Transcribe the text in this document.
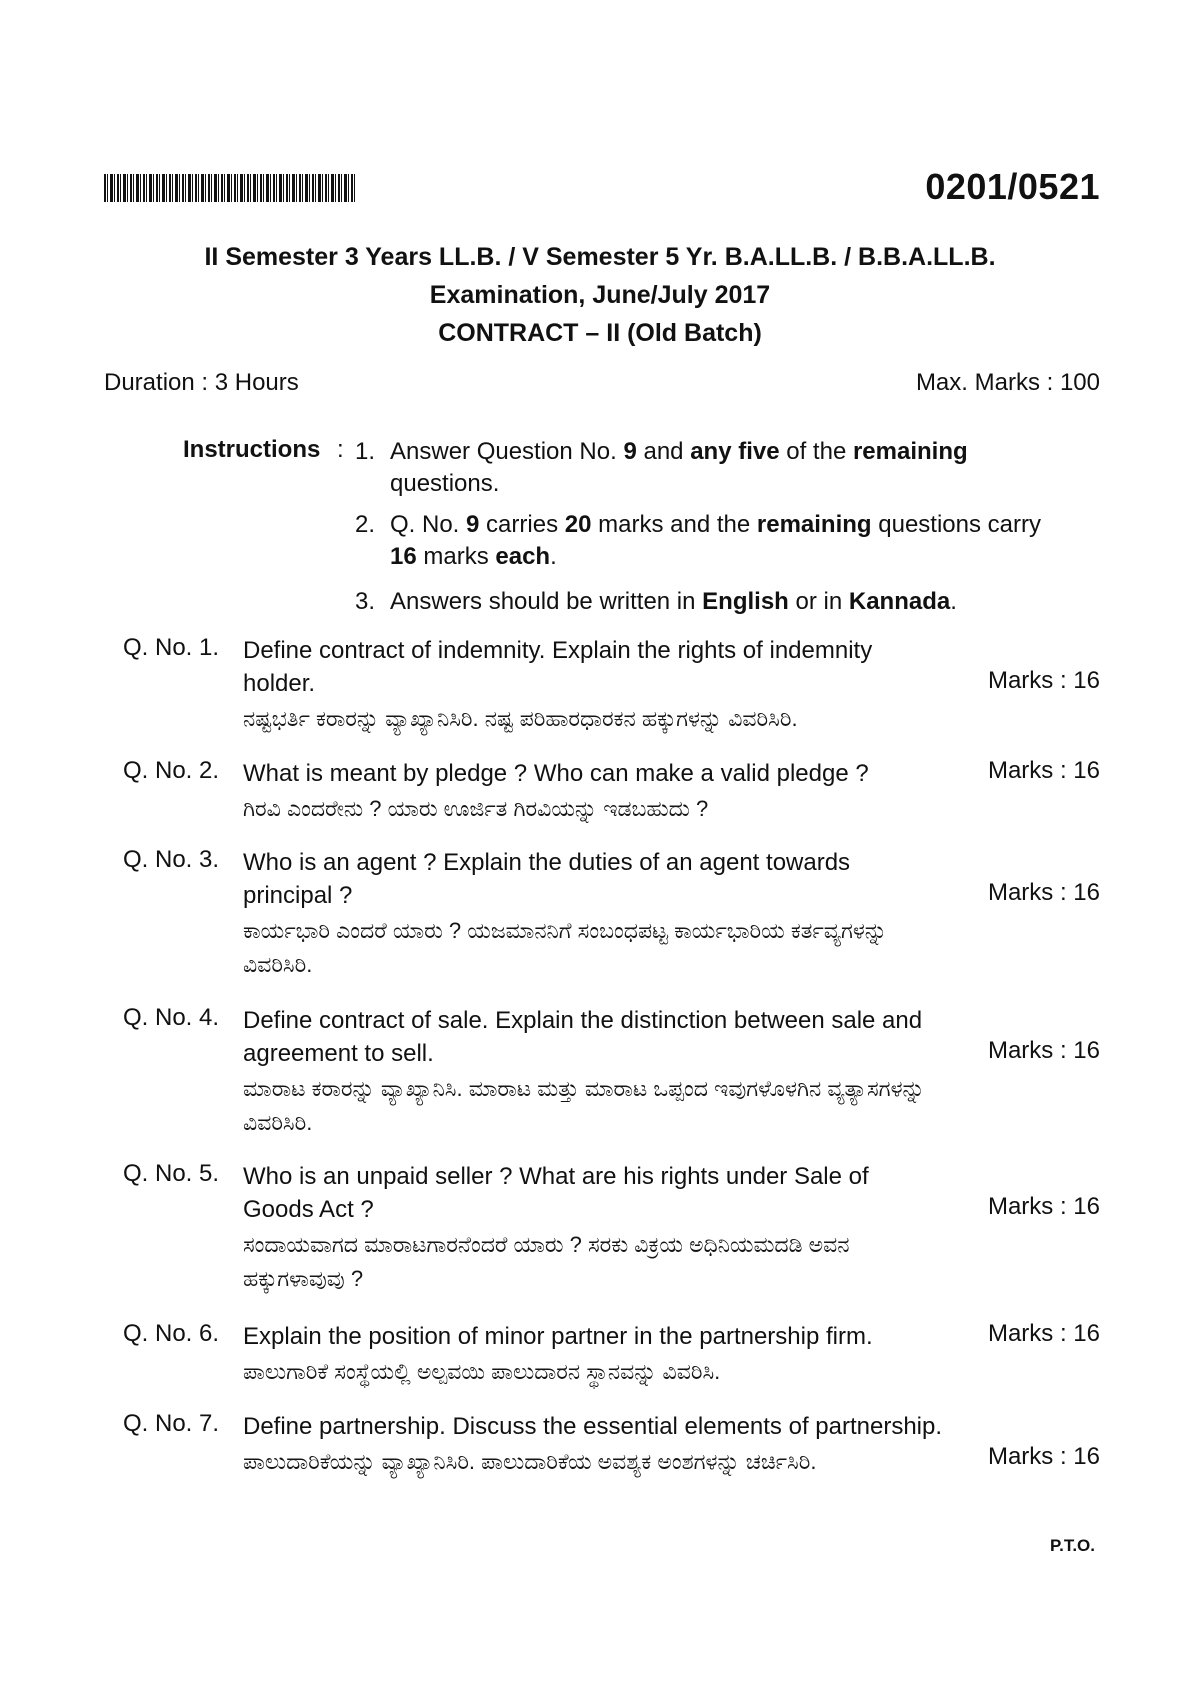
0201/0521
II Semester 3 Years LL.B. / V Semester 5 Yr. B.A.LL.B. / B.B.A.LL.B.
Examination, June/July 2017
CONTRACT – II (Old Batch)
Duration : 3 Hours	Max. Marks : 100
Instructions : 1. Answer Question No. 9 and any five of the remaining questions.
2. Q. No. 9 carries 20 marks and the remaining questions carry 16 marks each.
3. Answers should be written in English or in Kannada.
Q. No. 1. Define contract of indemnity. Explain the rights of indemnity holder.
ನಷ್ಟಭರ್ತಿ ಕರಾರನ್ನು ವ್ಯಾಖ್ಯಾನಿಸಿರಿ. ನಷ್ಟ ಪರಿಹಾರಧಾರಕನ ಹಕ್ಕುಗಳನ್ನು ವಿವರಿಸಿರಿ.
Marks : 16
Q. No. 2. What is meant by pledge ? Who can make a valid pledge ?
ಗಿರವಿ ಎಂದರೇನು ? ಯಾರು ಊರ್ಜಿತ ಗಿರವಿಯನ್ನು ಇಡಬಹುದು ?
Marks : 16
Q. No. 3. Who is an agent ? Explain the duties of an agent towards principal ?
ಕಾರ್ಯಭಾರಿ ಎಂದರೆ ಯಾರು ? ಯಜಮಾನನಿಗೆ ಸಂಬಂಧಪಟ್ಟ ಕಾರ್ಯಭಾರಿಯ ಕರ್ತವ್ಯಗಳನ್ನು ವಿವರಿಸಿರಿ.
Marks : 16
Q. No. 4. Define contract of sale. Explain the distinction between sale and agreement to sell.
ಮಾರಾಟ ಕರಾರನ್ನು ವ್ಯಾಖ್ಯಾನಿಸಿ. ಮಾರಾಟ ಮತ್ತು ಮಾರಾಟ ಒಪ್ಪಂದ ಇವುಗಳೊಳಗಿನ ವ್ಯತ್ಯಾಸಗಳನ್ನು ವಿವರಿಸಿರಿ.
Marks : 16
Q. No. 5. Who is an unpaid seller ? What are his rights under Sale of Goods Act ?
ಸಂದಾಯವಾಗದ ಮಾರಾಟಗಾರನೆಂದರೆ ಯಾರು ? ಸರಕು ವಿಕ್ರಯ ಅಧಿನಿಯಮದಡಿ ಅವನ ಹಕ್ಕುಗಳಾವುವು ?
Marks : 16
Q. No. 6. Explain the position of minor partner in the partnership firm.
ಪಾಲುಗಾರಿಕೆ ಸಂಸ್ಥೆಯಲ್ಲಿ ಅಲ್ಪವಯಿ ಪಾಲುದಾರನ ಸ್ಥಾನವನ್ನು ವಿವರಿಸಿ.
Marks : 16
Q. No. 7. Define partnership. Discuss the essential elements of partnership.
ಪಾಲುದಾರಿಕೆಯನ್ನು ವ್ಯಾಖ್ಯಾನಿಸಿರಿ. ಪಾಲುದಾರಿಕೆಯ ಅವಶ್ಯಕ ಅಂಶಗಳನ್ನು ಚರ್ಚಿಸಿರಿ.	Marks : 16
P.T.O.
